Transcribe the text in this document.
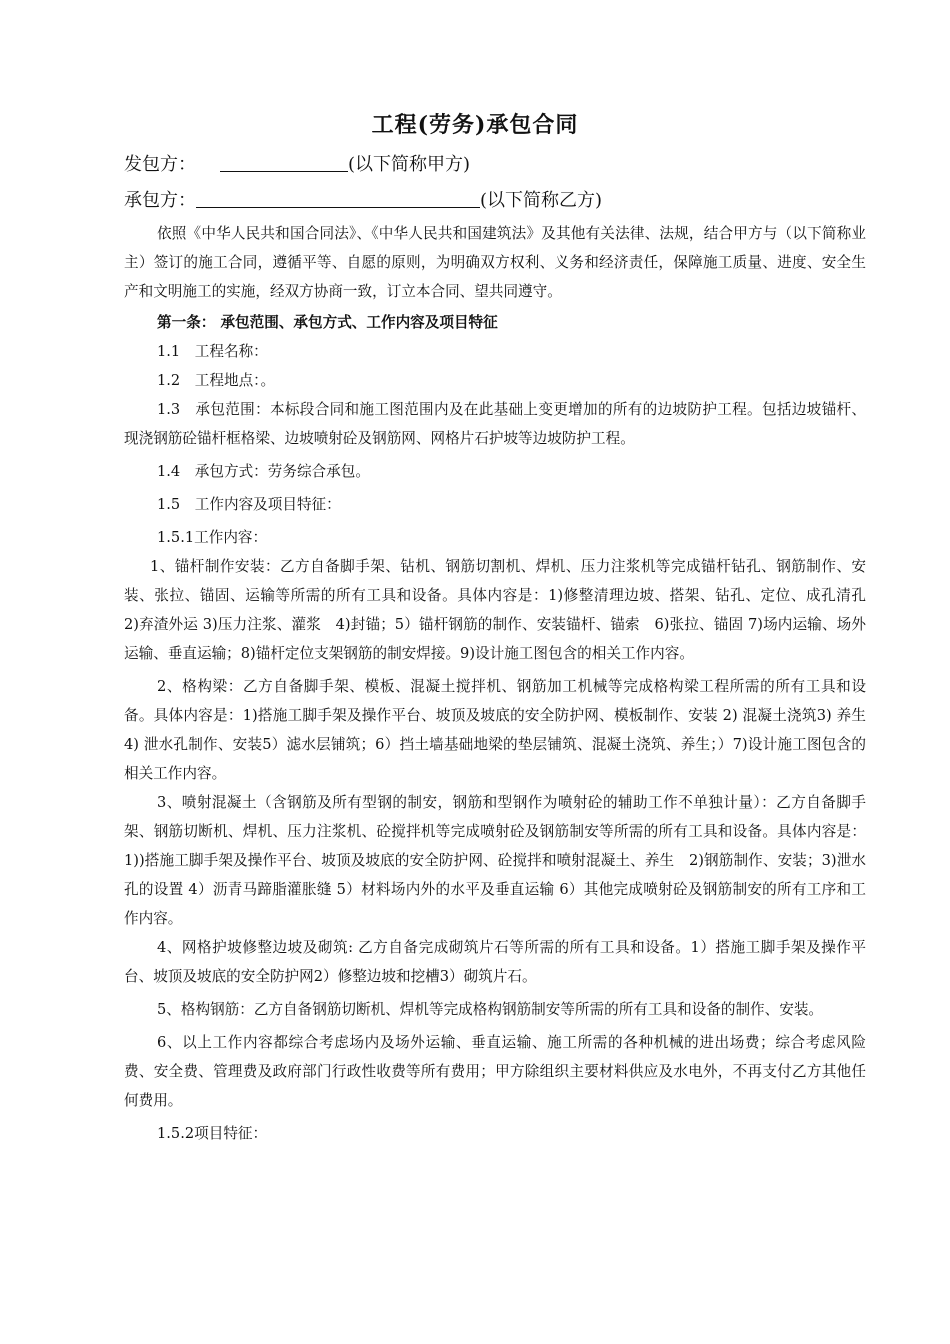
工程(劳务)承包合同
发包方：	(以下简称甲方)
承包方：	(以下简称乙方)

依照《中华人民共和国合同法》、《中华人民共和国建筑法》及其他有关法律、法规，结合甲方与（以下简称业主）签订的施工合同，遵循平等、自愿的原则，为明确双方权利、义务和经济责任，保障施工质量、进度、安全生产和文明施工的实施，经双方协商一致，订立本合同、望共同遵守。

第一条： 承包范围、承包方式、工作内容及项目特征

1.1　工程名称：

1.2　工程地点：。

1.3　承包范围：本标段合同和施工图范围内及在此基础上变更增加的所有的边坡防护工程。包括边坡锚杆、现浇钢筋砼锚杆框格梁、边坡喷射砼及钢筋网、网格片石护坡等边坡防护工程。

1.4　承包方式：劳务综合承包。

1.5　工作内容及项目特征：

1.5.1工作内容：

1、锚杆制作安装：乙方自备脚手架、钻机、钢筋切割机、焊机、压力注浆机等完成锚杆钻孔、钢筋制作、安装、张拉、锚固、运输等所需的所有工具和设备。具体内容是：1)修整清理边坡、搭架、钻孔、定位、成孔清孔　2)弃渣外运 3)压力注浆、灌浆　4)封锚；5）锚杆钢筋的制作、安装锚杆、锚索　6)张拉、锚固 7)场内运输、场外运输、垂直运输；8)锚杆定位支架钢筋的制安焊接。9)设计施工图包含的相关工作内容。

2、格构梁：乙方自备脚手架、模板、混凝土搅拌机、钢筋加工机械等完成格构梁工程所需的所有工具和设备。具体内容是：1)搭施工脚手架及操作平台、坡顶及坡底的安全防护网、模板制作、安装 2) 混凝土浇筑3) 养生4) 泄水孔制作、安装5）滤水层铺筑；6）挡土墙基础地梁的垫层铺筑、混凝土浇筑、养生；）7)设计施工图包含的相关工作内容。

3、喷射混凝土（含钢筋及所有型钢的制安，钢筋和型钢作为喷射砼的辅助工作不单独计量）：乙方自备脚手架、钢筋切断机、焊机、压力注浆机、砼搅拌机等完成喷射砼及钢筋制安等所需的所有工具和设备。具体内容是：1))搭施工脚手架及操作平台、坡顶及坡底的安全防护网、砼搅拌和喷射混凝土、养生　2)钢筋制作、安装；3)泄水孔的设置 4）沥青马蹄脂灌胀缝 5）材料场内外的水平及垂直运输 6）其他完成喷射砼及钢筋制安的所有工序和工作内容。

4、网格护坡修整边坡及砌筑: 乙方自备完成砌筑片石等所需的所有工具和设备。1）搭施工脚手架及操作平台、坡顶及坡底的安全防护网2）修整边坡和挖槽3）砌筑片石。

5、格构钢筋：乙方自备钢筋切断机、焊机等完成格构钢筋制安等所需的所有工具和设备的制作、安装。

6、以上工作内容都综合考虑场内及场外运输、垂直运输、施工所需的各种机械的进出场费；综合考虑风险费、安全费、管理费及政府部门行政性收费等所有费用；甲方除组织主要材料供应及水电外，不再支付乙方其他任何费用。

1.5.2项目特征：
